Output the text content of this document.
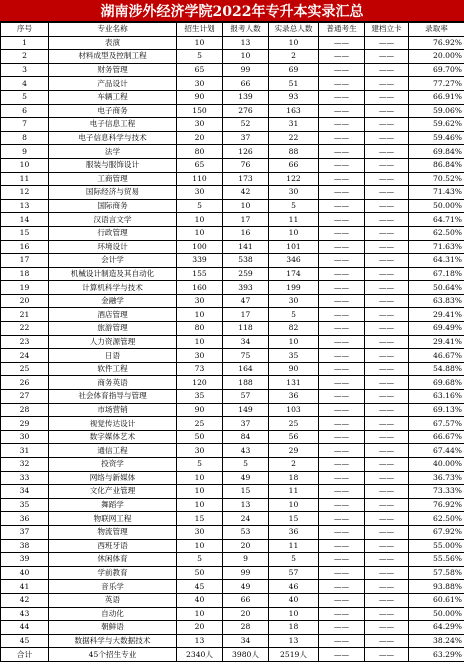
湖南涉外经济学院2022年专升本实录汇总
序号	专业名称	招生计划	报考人数	实录总人数	普通考生	建档立卡	录取率
1	表演	10	13	10	——	——	76.92%
2	材料成型及控制工程	5	10	2	——	——	20.00%
3	财务管理	65	99	69	——	——	69.70%
4	产品设计	30	66	51	——	——	77.27%
5	车辆工程	90	139	93	——	——	66.91%
6	电子商务	150	276	163	——	——	59.06%
7	电子信息工程	30	52	31	——	——	59.62%
8	电子信息科学与技术	20	37	22	——	——	59.46%
9	法学	80	126	88	——	——	69.84%
10	服装与服饰设计	65	76	66	——	——	86.84%
11	工商管理	110	173	122	——	——	70.52%
12	国际经济与贸易	30	42	30	——	——	71.43%
13	国际商务	5	10	5	——	——	50.00%
14	汉语言文学	10	17	11	——	——	64.71%
15	行政管理	10	16	10	——	——	62.50%
16	环境设计	100	141	101	——	——	71.63%
17	会计学	339	538	346	——	——	64.31%
18	机械设计制造及其自动化	155	259	174	——	——	67.18%
19	计算机科学与技术	160	393	199	——	——	50.64%
20	金融学	30	47	30	——	——	63.83%
21	酒店管理	10	17	5	——	——	29.41%
22	旅游管理	80	118	82	——	——	69.49%
23	人力资源管理	10	34	10	——	——	29.41%
24	日语	30	75	35	——	——	46.67%
25	软件工程	73	164	90	——	——	54.88%
26	商务英语	120	188	131	——	——	69.68%
27	社会体育指导与管理	35	57	36	——	——	63.16%
28	市场营销	90	149	103	——	——	69.13%
29	视觉传达设计	25	37	25	——	——	67.57%
30	数字媒体艺术	50	84	56	——	——	66.67%
31	通信工程	30	43	29	——	——	67.44%
32	投资学	5	5	2	——	——	40.00%
33	网络与新媒体	10	49	18	——	——	36.73%
34	文化产业管理	10	15	11	——	——	73.33%
35	舞蹈学	10	13	10	——	——	76.92%
36	物联网工程	15	24	15	——	——	62.50%
37	物流管理	30	53	36	——	——	67.92%
38	西班牙语	10	20	11	——	——	55.00%
39	休闲体育	5	9	5	——	——	55.56%
40	学前教育	50	99	57	——	——	57.58%
41	音乐学	45	49	46	——	——	93.88%
42	英语	40	66	40	——	——	60.61%
43	自动化	10	20	10	——	——	50.00%
44	朝鲜语	20	28	18	——	——	64.29%
45	数据科学与大数据技术	13	34	13	——	——	38.24%
合计	45个招生专业	2340人	3980人	2519人	——	——	63.29%
